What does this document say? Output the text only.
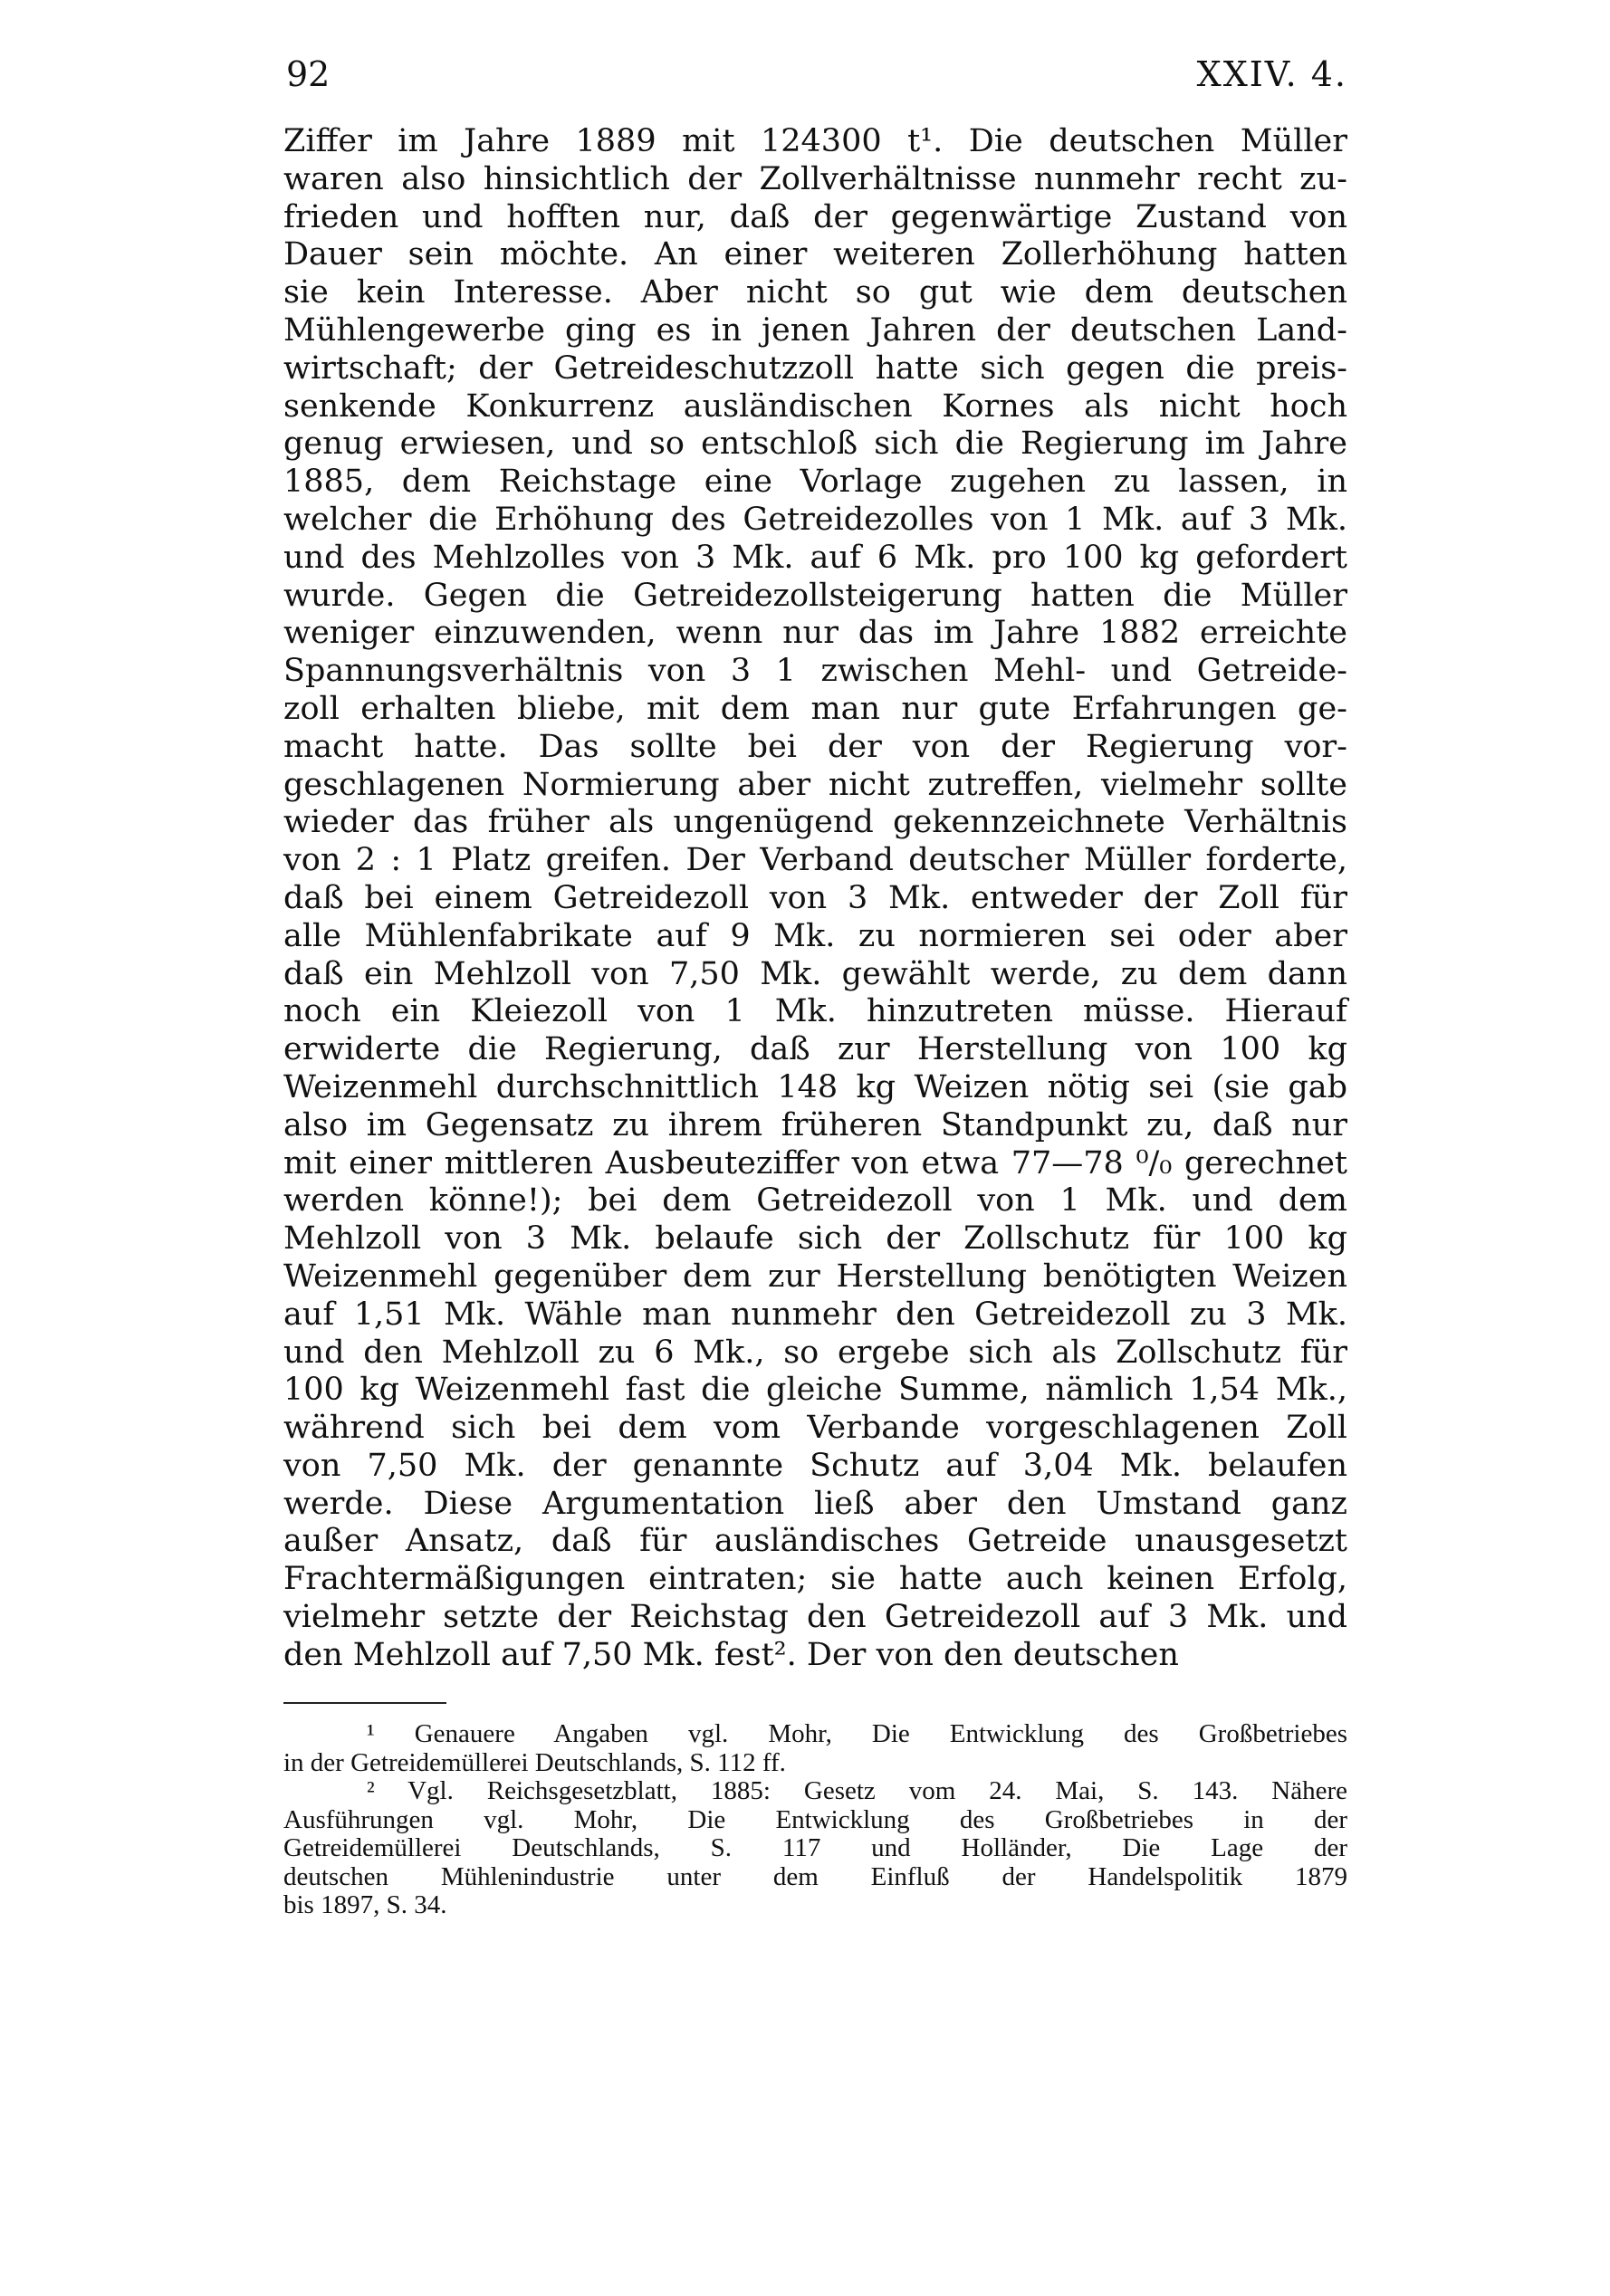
92	XXIV. 4.

Ziffer im Jahre 1889 mit 124300 t¹. Die deutschen Müller
waren also hinsichtlich der Zollverhältnisse nunmehr recht zu-
frieden und hofften nur, daß der gegenwärtige Zustand von
Dauer sein möchte. An einer weiteren Zollerhöhung hatten
sie kein Interesse. Aber nicht so gut wie dem deutschen
Mühlengewerbe ging es in jenen Jahren der deutschen Land-
wirtschaft; der Getreideschutzzoll hatte sich gegen die preis-
senkende Konkurrenz ausländischen Kornes als nicht hoch
genug erwiesen, und so entschloß sich die Regierung im Jahre
1885, dem Reichstage eine Vorlage zugehen zu lassen, in
welcher die Erhöhung des Getreidezolles von 1 Mk. auf 3 Mk.
und des Mehlzolles von 3 Mk. auf 6 Mk. pro 100 kg gefordert
wurde. Gegen die Getreidezollsteigerung hatten die Müller
weniger einzuwenden, wenn nur das im Jahre 1882 erreichte
Spannungsverhältnis von 3 1 zwischen Mehl- und Getreide-
zoll erhalten bliebe, mit dem man nur gute Erfahrungen ge-
macht hatte. Das sollte bei der von der Regierung vor-
geschlagenen Normierung aber nicht zutreffen, vielmehr sollte
wieder das früher als ungenügend gekennzeichnete Verhältnis
von 2 : 1 Platz greifen. Der Verband deutscher Müller forderte,
daß bei einem Getreidezoll von 3 Mk. entweder der Zoll für
alle Mühlenfabrikate auf 9 Mk. zu normieren sei oder aber
daß ein Mehlzoll von 7,50 Mk. gewählt werde, zu dem dann
noch ein Kleiezoll von 1 Mk. hinzutreten müsse. Hierauf
erwiderte die Regierung, daß zur Herstellung von 100 kg
Weizenmehl durchschnittlich 148 kg Weizen nötig sei (sie gab
also im Gegensatz zu ihrem früheren Standpunkt zu, daß nur
mit einer mittleren Ausbeuteziffer von etwa 77—78 ⁰/₀ gerechnet
werden könne!); bei dem Getreidezoll von 1 Mk. und dem
Mehlzoll von 3 Mk. belaufe sich der Zollschutz für 100 kg
Weizenmehl gegenüber dem zur Herstellung benötigten Weizen
auf 1,51 Mk. Wähle man nunmehr den Getreidezoll zu 3 Mk.
und den Mehlzoll zu 6 Mk., so ergebe sich als Zollschutz für
100 kg Weizenmehl fast die gleiche Summe, nämlich 1,54 Mk.,
während sich bei dem vom Verbande vorgeschlagenen Zoll
von 7,50 Mk. der genannte Schutz auf 3,04 Mk. belaufen
werde. Diese Argumentation ließ aber den Umstand ganz
außer Ansatz, daß für ausländisches Getreide unausgesetzt
Frachtermäßigungen eintraten; sie hatte auch keinen Erfolg,
vielmehr setzte der Reichstag den Getreidezoll auf 3 Mk. und
den Mehlzoll auf 7,50 Mk. fest². Der von den deutschen

¹ Genauere Angaben vgl. Mohr, Die Entwicklung des Großbetriebes
in der Getreidemüllerei Deutschlands, S. 112 ff.
² Vgl. Reichsgesetzblatt, 1885: Gesetz vom 24. Mai, S. 143. Nähere
Ausführungen vgl. Mohr, Die Entwicklung des Großbetriebes in der
Getreidemüllerei Deutschlands, S. 117 und Holländer, Die Lage der
deutschen Mühlenindustrie unter dem Einfluß der Handelspolitik 1879
bis 1897, S. 34.
